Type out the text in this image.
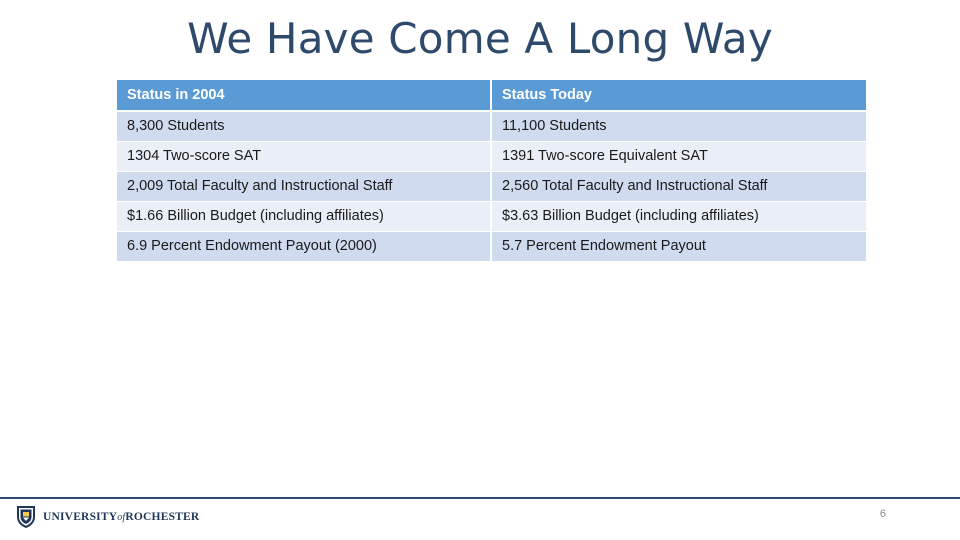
We Have Come A Long Way
Status in 2004	Status Today
8,300 Students	11,100 Students
1304 Two-score SAT	1391 Two-score Equivalent SAT
2,009 Total Faculty and Instructional Staff	2,560 Total Faculty and Instructional Staff
$1.66 Billion Budget (including affiliates)	$3.63 Billion Budget (including affiliates)
6.9 Percent Endowment Payout (2000)	5.7 Percent Endowment Payout
UNIVERSITYofROCHESTER	6
